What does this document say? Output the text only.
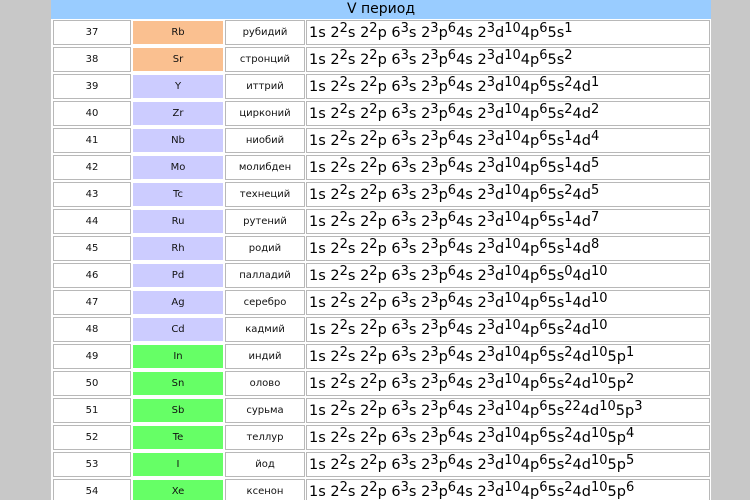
V период
37	Rb	рубидий	1s $2^2s$ $2^2p$ $6^3s$ $2^3p^64s$ $2^3d^{10}4p^65s^1$
38	Sr	стронций	1s $2^2s$ $2^2p$ $6^3s$ $2^3p^64s$ $2^3d^{10}4p^65s^2$
39	Y	иттрий	1s $2^2s$ $2^2p$ $6^3s$ $2^3p^64s$ $2^3d^{10}4p^65s^24d^1$
40	Zr	цирконий	1s $2^2s$ $2^2p$ $6^3s$ $2^3p^64s$ $2^3d^{10}4p^65s^24d^2$
41	Nb	ниобий	1s $2^2s$ $2^2p$ $6^3s$ $2^3p^64s$ $2^3d^{10}4p^65s^14d^4$
42	Mo	молибден	1s $2^2s$ $2^2p$ $6^3s$ $2^3p^64s$ $2^3d^{10}4p^65s^14d^5$
43	Tc	технеций	1s $2^2s$ $2^2p$ $6^3s$ $2^3p^64s$ $2^3d^{10}4p^65s^24d^5$
44	Ru	рутений	1s $2^2s$ $2^2p$ $6^3s$ $2^3p^64s$ $2^3d^{10}4p^65s^14d^7$
45	Rh	родий	1s $2^2s$ $2^2p$ $6^3s$ $2^3p^64s$ $2^3d^{10}4p^65s^14d^8$
46	Pd	палладий	1s $2^2s$ $2^2p$ $6^3s$ $2^3p^64s$ $2^3d^{10}4p^65s^04d^{10}$
47	Ag	серебро	1s $2^2s$ $2^2p$ $6^3s$ $2^3p^64s$ $2^3d^{10}4p^65s^14d^{10}$
48	Cd	кадмий	1s $2^2s$ $2^2p$ $6^3s$ $2^3p^64s$ $2^3d^{10}4p^65s^24d^{10}$
49	In	индий	1s $2^2s$ $2^2p$ $6^3s$ $2^3p^64s$ $2^3d^{10}4p^65s^24d^{10}5p^1$
50	Sn	олово	1s $2^2s$ $2^2p$ $6^3s$ $2^3p^64s$ $2^3d^{10}4p^65s^24d^{10}5p^2$
51	Sb	сурьма	1s $2^2s$ $2^2p$ $6^3s$ $2^3p^64s$ $2^3d^{10}4p^65s^{22}4d^{10}5p^3$
52	Te	теллур	1s $2^2s$ $2^2p$ $6^3s$ $2^3p^64s$ $2^3d^{10}4p^65s^24d^{10}5p^4$
53	I	йод	1s $2^2s$ $2^2p$ $6^3s$ $2^3p^64s$ $2^3d^{10}4p^65s^24d^{10}5p^5$
54	Xe	ксенон	1s $2^2s$ $2^2p$ $6^3s$ $2^3p^64s$ $2^3d^{10}4p^65s^24d^{10}5p^6$
